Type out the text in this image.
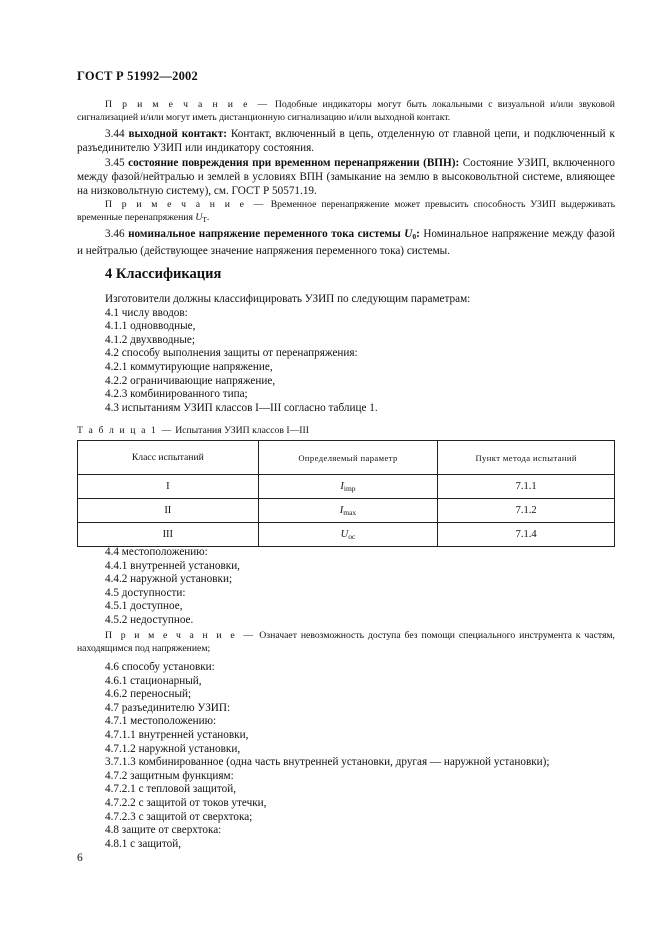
ГОСТ Р 51992—2002
П р и м е ч а н и е — Подобные индикаторы могут быть локальными с визуальной и/или звуковой сигнализацией и/или могут иметь дистанционную сигнализацию и/или выходной контакт.
3.44 выходной контакт: Контакт, включенный в цепь, отделенную от главной цепи, и подключенный к разъединителю УЗИП или индикатору состояния.
3.45 состояние повреждения при временном перенапряжении (ВПН): Состояние УЗИП, включенного между фазой/нейтралью и землей в условиях ВПН (замыкание на землю в высоковольтной системе, влияющее на низковольтную систему), см. ГОСТ Р 50571.19.
П р и м е ч а н и е — Временное перенапряжение может превысить способность УЗИП выдерживать временные перенапряжения $U_T$.
3.46 номинальное напряжение переменного тока системы $U_0$: Номинальное напряжение между фазой и нейтралью (действующее значение напряжения переменного тока) системы.
4 Классификация
Изготовители должны классифицировать УЗИП по следующим параметрам:
4.1 числу вводов:
4.1.1 одновводные,
4.1.2 двухвводные;
4.2 способу выполнения защиты от перенапряжения:
4.2.1 коммутирующие напряжение,
4.2.2 ограничивающие напряжение,
4.2.3 комбинированного типа;
4.3 испытаниям УЗИП классов I—III согласно таблице 1.
Т а б л и ц а 1 — Испытания УЗИП классов I—III
Класс испытаний	Определяемый параметр	Пункт метода испытаний
I	$I_{imp}$	7.1.1
II	$I_{max}$	7.1.2
III	$U_{oc}$	7.1.4
4.4 местоположению:
4.4.1 внутренней установки,
4.4.2 наружной установки;
4.5 доступности:
4.5.1 доступное,
4.5.2 недоступное.
П р и м е ч а н и е — Означает невозможность доступа без помощи специального инструмента к частям, находящимся под напряжением;
4.6 способу установки:
4.6.1 стационарный,
4.6.2 переносный;
4.7 разъединителю УЗИП:
4.7.1 местоположению:
4.7.1.1 внутренней установки,
4.7.1.2 наружной установки,
3.7.1.3 комбинированное (одна часть внутренней установки, другая — наружной установки);
4.7.2 защитным функциям:
4.7.2.1 с тепловой защитой,
4.7.2.2 с защитой от токов утечки,
4.7.2.3 с защитой от сверхтока;
4.8 защите от сверхтока:
4.8.1 с защитой,
6
